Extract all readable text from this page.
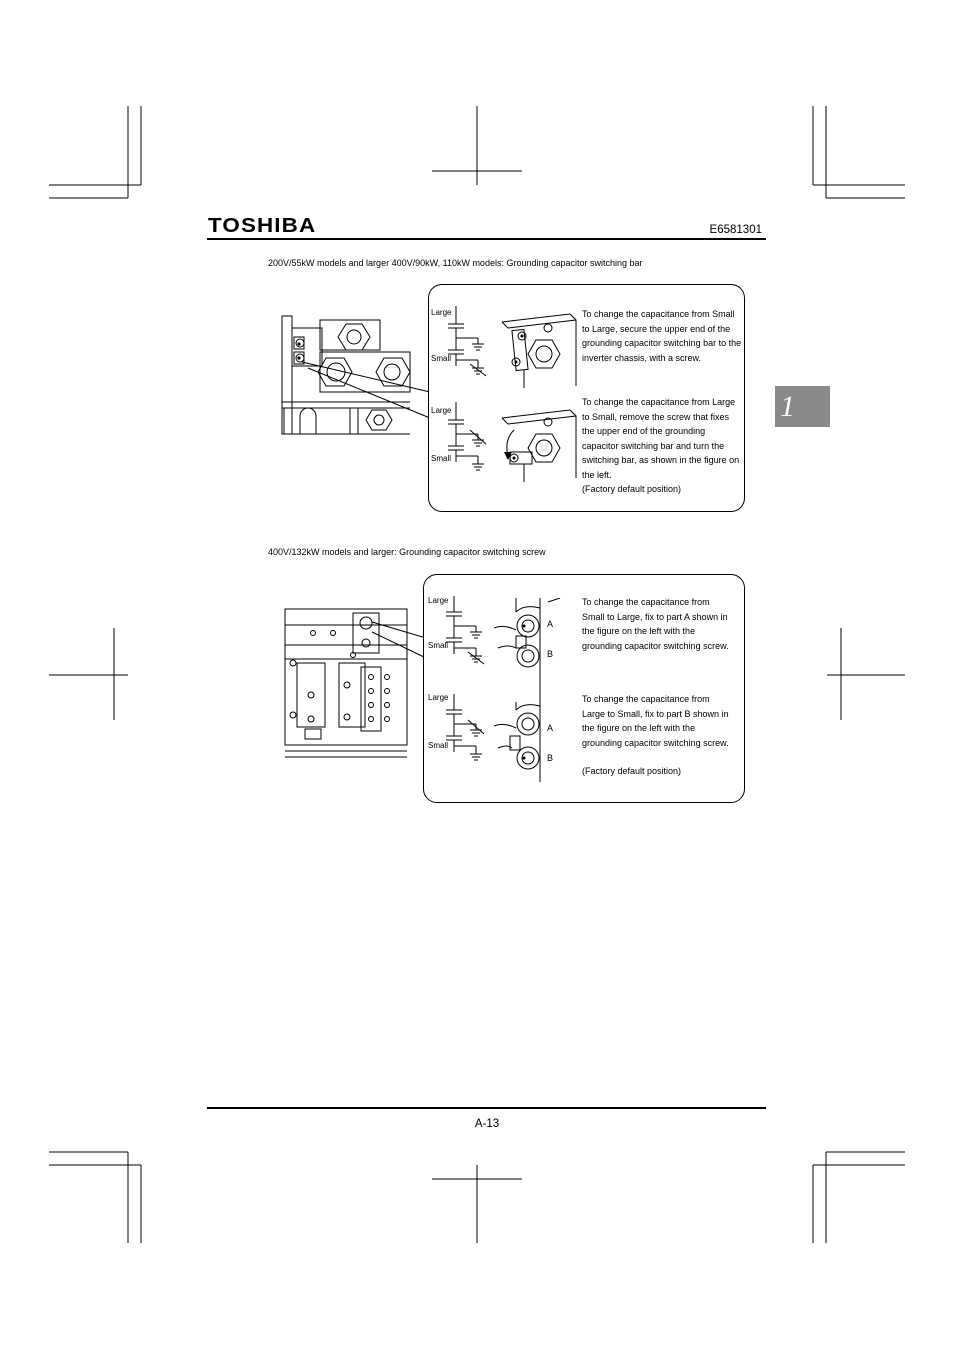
TOSHIBA	E6581301
1
200V/55kW models and larger 400V/90kW, 110kW models: Grounding capacitor switching bar
Large
Small
Large
Small
To change the capacitance from Small to Large, secure the upper end of the grounding capacitor switching bar to the inverter chassis, with a screw.
To change the capacitance from Large to Small, remove the screw that fixes the upper end of the grounding capacitor switching bar and turn the switching bar, as shown in the figure on the left.
(Factory default position)
400V/132kW models and larger: Grounding capacitor switching screw
Large
Small
Large
Small
A
B
A
B
To change the capacitance from Small to Large, fix to part A shown in the figure on the left with the grounding capacitor switching screw.
To change the capacitance from Large to Small, fix to part B shown in the figure on the left with the grounding capacitor switching screw.
(Factory default position)
A-13
